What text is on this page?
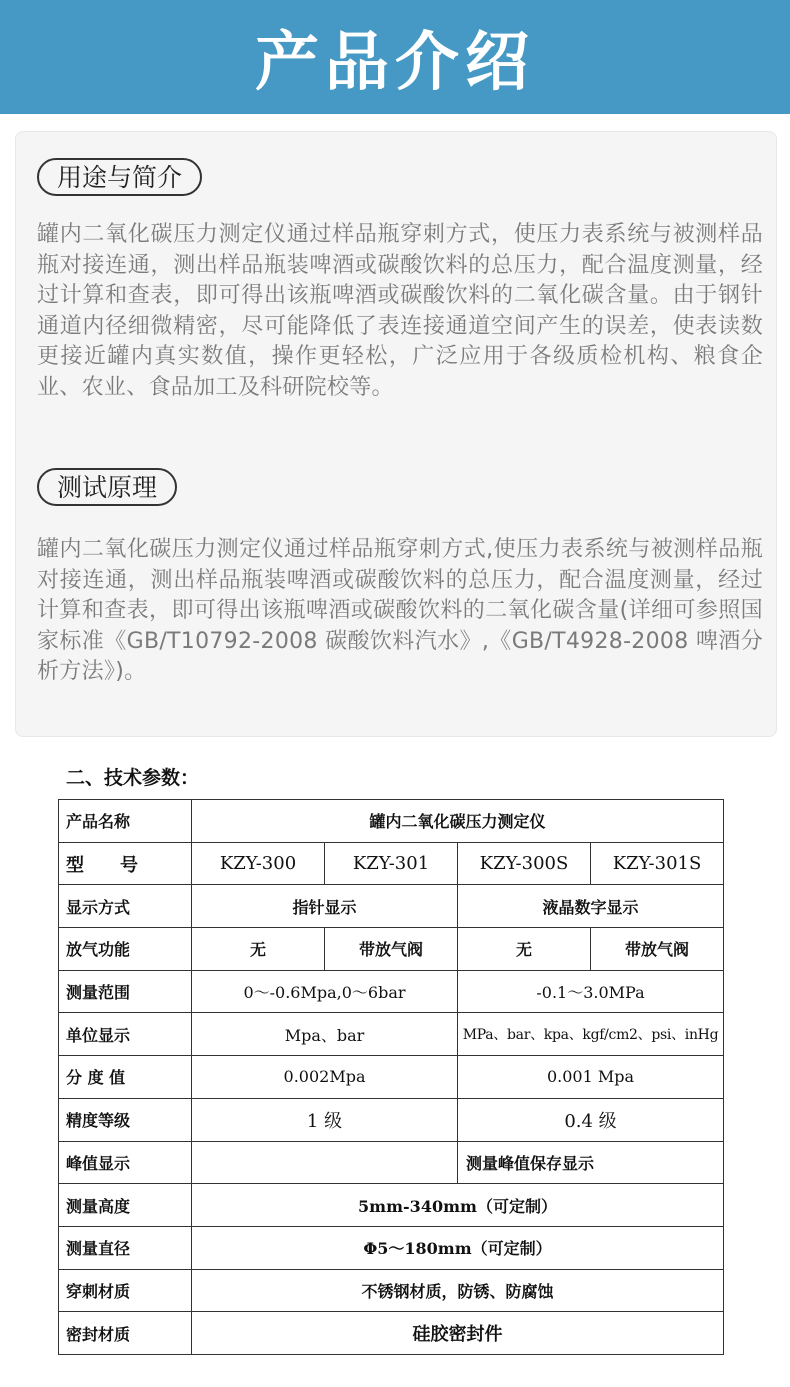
产品介绍
用途与简介

罐内二氧化碳压力测定仪通过样品瓶穿刺方式，使压力表系统与被测样品瓶对接连通，测出样品瓶装啤酒或碳酸饮料的总压力，配合温度测量，经过计算和查表，即可得出该瓶啤酒或碳酸饮料的二氧化碳含量。由于钢针通道内径细微精密，尽可能降低了表连接通道空间产生的误差，使表读数更接近罐内真实数值，操作更轻松，广泛应用于各级质检机构、粮食企业、农业、食品加工及科研院校等。

测试原理

罐内二氧化碳压力测定仪通过样品瓶穿刺方式,使压力表系统与被测样品瓶对接连通，测出样品瓶装啤酒或碳酸饮料的总压力，配合温度测量，经过计算和查表，即可得出该瓶啤酒或碳酸饮料的二氧化碳含量(详细可参照国家标准《GB/T10792-2008 碳酸饮料汽水》,《GB/T4928-2008 啤酒分析方法》)。

二、技术参数：
产品名称	罐内二氧化碳压力测定仪			
型　　号	KZY-300	KZY-301	KZY-300S	KZY-301S
显示方式	指针显示		液晶数字显示	
放气功能	无	带放气阀	无	带放气阀
测量范围	0～-0.6Mpa,0～6bar		-0.1～3.0MPa	
单位显示	Mpa、bar		MPa、bar、kpa、kgf/cm2、psi、inHg	
分 度 值	0.002Mpa		0.001 Mpa	
精度等级	1 级		0.4 级	
峰值显示			测量峰值保存显示	
测量高度	5mm-340mm（可定制）			
测量直径	Φ5～180mm（可定制）			
穿刺材质	不锈钢材质，防锈、防腐蚀			
密封材质	硅胶密封件			
